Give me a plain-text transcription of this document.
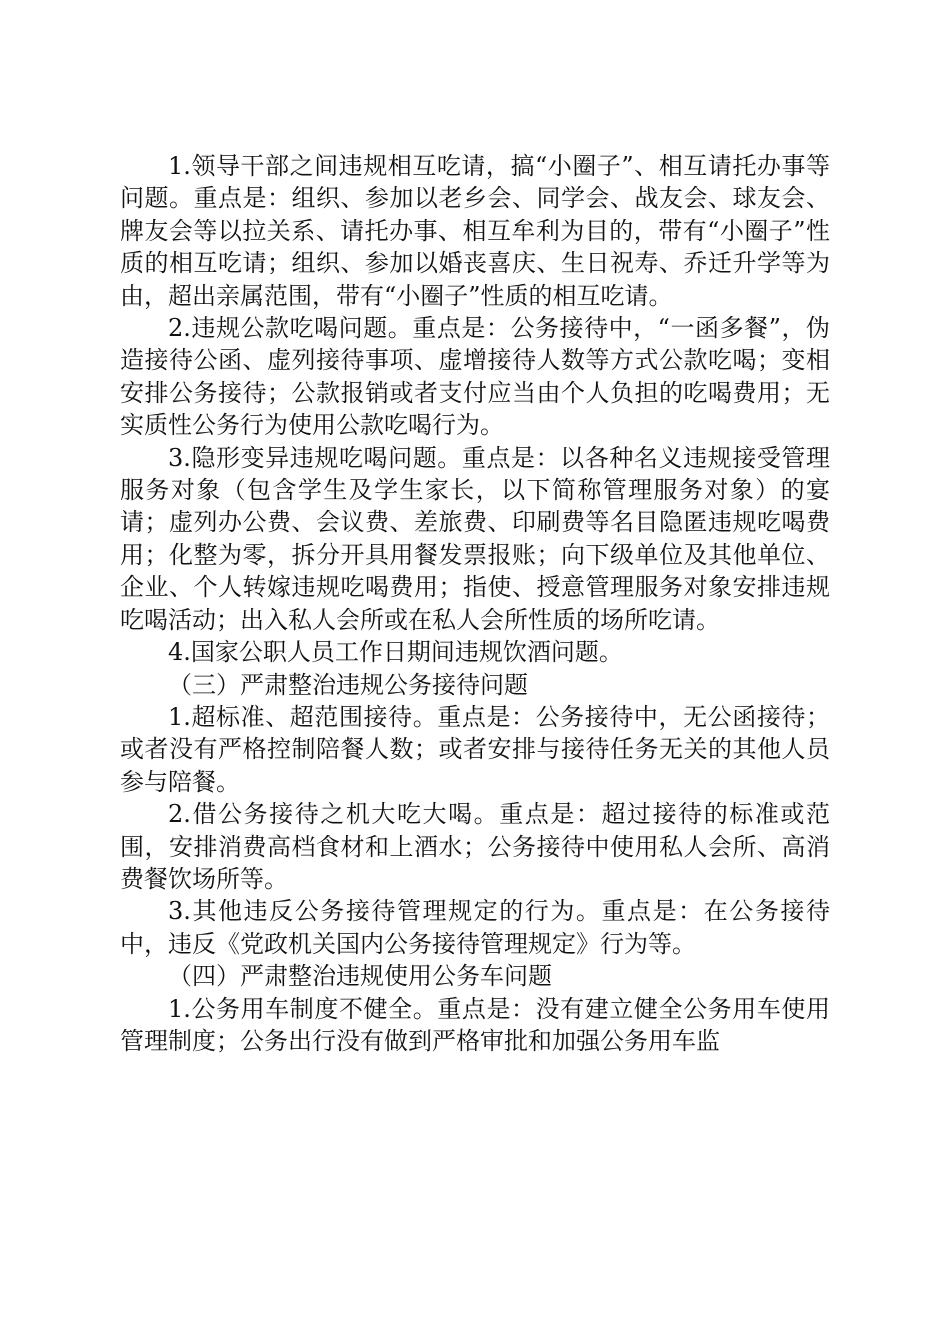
1.领导干部之间违规相互吃请，搞“小圈子”、相互请托办事等问题。重点是：组织、参加以老乡会、同学会、战友会、球友会、牌友会等以拉关系、请托办事、相互牟利为目的，带有“小圈子”性质的相互吃请；组织、参加以婚丧喜庆、生日祝寿、乔迁升学等为由，超出亲属范围，带有“小圈子”性质的相互吃请。

2.违规公款吃喝问题。重点是：公务接待中，“一函多餐”，伪造接待公函、虚列接待事项、虚增接待人数等方式公款吃喝；变相安排公务接待；公款报销或者支付应当由个人负担的吃喝费用；无实质性公务行为使用公款吃喝行为。

3.隐形变异违规吃喝问题。重点是：以各种名义违规接受管理服务对象（包含学生及学生家长，以下简称管理服务对象）的宴请；虚列办公费、会议费、差旅费、印刷费等名目隐匿违规吃喝费用；化整为零，拆分开具用餐发票报账；向下级单位及其他单位、企业、个人转嫁违规吃喝费用；指使、授意管理服务对象安排违规吃喝活动；出入私人会所或在私人会所性质的场所吃请。

4.国家公职人员工作日期间违规饮酒问题。

（三）严肃整治违规公务接待问题

1.超标准、超范围接待。重点是：公务接待中，无公函接待；或者没有严格控制陪餐人数；或者安排与接待任务无关的其他人员参与陪餐。

2.借公务接待之机大吃大喝。重点是：超过接待的标准或范围，安排消费高档食材和上酒水；公务接待中使用私人会所、高消费餐饮场所等。

3.其他违反公务接待管理规定的行为。重点是：在公务接待中，违反《党政机关国内公务接待管理规定》行为等。

（四）严肃整治违规使用公务车问题

1.公务用车制度不健全。重点是：没有建立健全公务用车使用管理制度；公务出行没有做到严格审批和加强公务用车监
